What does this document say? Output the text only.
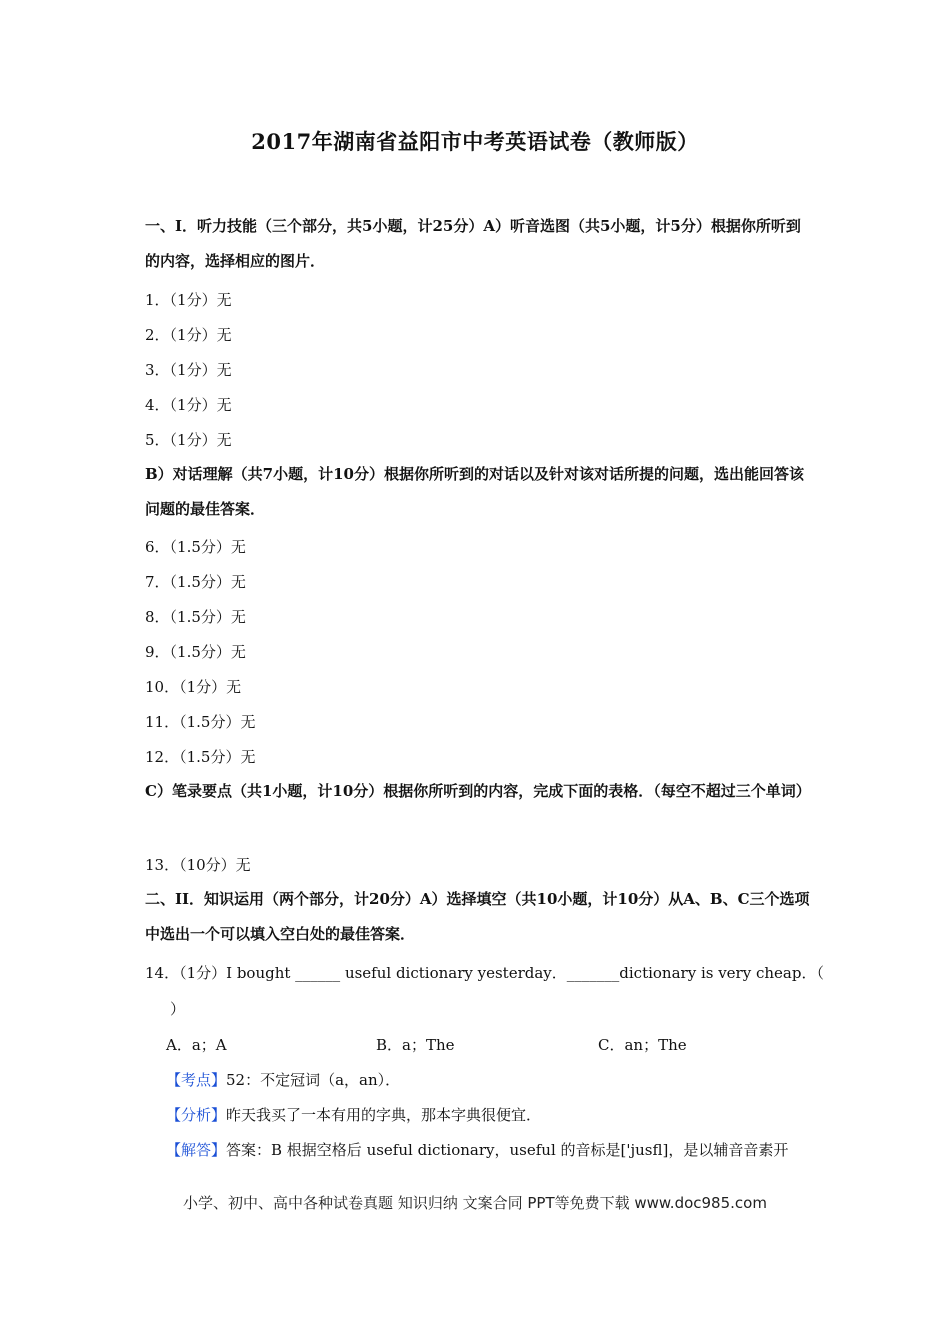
2017年湖南省益阳市中考英语试卷（教师版）
一、I．听力技能（三个部分，共5小题，计25分）A）听音选图（共5小题，计5分）根据你所听到的内容，选择相应的图片．
1．（1分）无
2．（1分）无
3．（1分）无
4．（1分）无
5．（1分）无
B）对话理解（共7小题，计10分）根据你所听到的对话以及针对该对话所提的问题，选出能回答该问题的最佳答案．
6．（1.5分）无
7．（1.5分）无
8．（1.5分）无
9．（1.5分）无
10．（1分）无
11．（1.5分）无
12．（1.5分）无
C）笔录要点（共1小题，计10分）根据你所听到的内容，完成下面的表格．（每空不超过三个单词）
13．（10分）无
二、II．知识运用（两个部分，计20分）A）选择填空（共10小题，计10分）从A、B、C三个选项中选出一个可以填入空白处的最佳答案．
14．（1分）I bought ______ useful dictionary yesterday．_______dictionary is very cheap．（
）
A．a；A	B．a；The	C．an；The
【考点】52：不定冠词（a，an）．
【分析】昨天我买了一本有用的字典，那本字典很便宜．
【解答】答案：B 根据空格后 useful dictionary，useful 的音标是['jusfl]，是以辅音音素开
小学、初中、高中各种试卷真题 知识归纳 文案合同 PPT等免费下载 www.doc985.com
